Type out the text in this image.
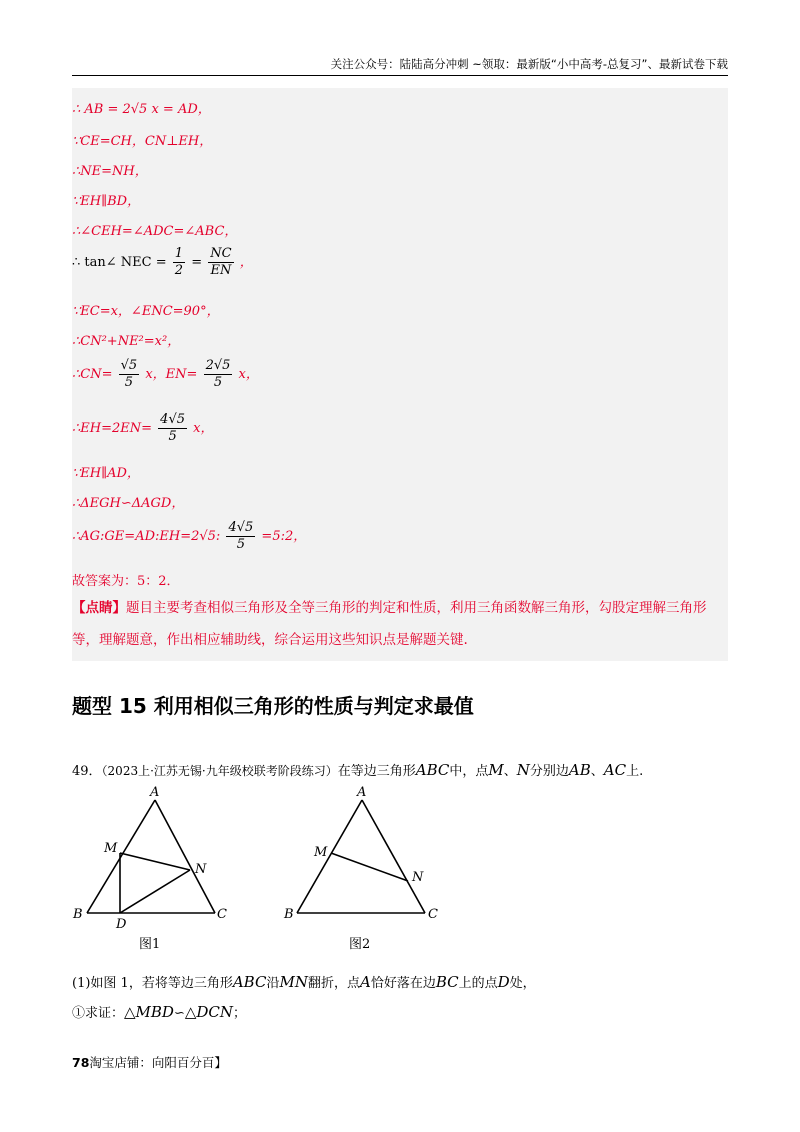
关注公众号：陆陆高分冲刺 ~领取：最新版“小中高考-总复习”、最新试卷下载
∴ AB = 2√5 x = AD，
∵CE=CH，CN⊥EH，
∴NE=NH，
∵EH∥BD，
∴∠CEH=∠ADC=∠ABC，
∴ tan∠ NEC = $\frac{1}{2} = \frac{NC}{EN}$ ，
∵EC=x，∠ENC=90°，
∴CN²+NE²=x²，
∴CN= $\frac{√5}{5}$ x，$EN= \frac{2√5}{5}$ x，
∴EH=2EN= $\frac{4√5}{5}$ x，
∵EH∥AD，
∴ΔEGH∽ΔAGD，
∴AG:GE=AD:EH=2√5: $\frac{4√5}{5}$ =5:2，
故答案为：5：2．
【点睛】题目主要考查相似三角形及全等三角形的判定和性质，利用三角函数解三角形，勾股定理解三角形等，理解题意，作出相应辅助线，综合运用这些知识点是解题关键.
题型 15 利用相似三角形的性质与判定求最值
49．（2023上·江苏无锡·九年级校联考阶段练习）在等边三角形ABC中，点M、N分别边AB、AC上.
A
M
N
B
D
C
图1
A
M
N
B	C
图2
(1)如图 1，若将等边三角形ABC沿MN翻折，点A恰好落在边BC上的点D处，
①求证：△MBD∽△DCN；
78淘宝店铺：向阳百分百】
